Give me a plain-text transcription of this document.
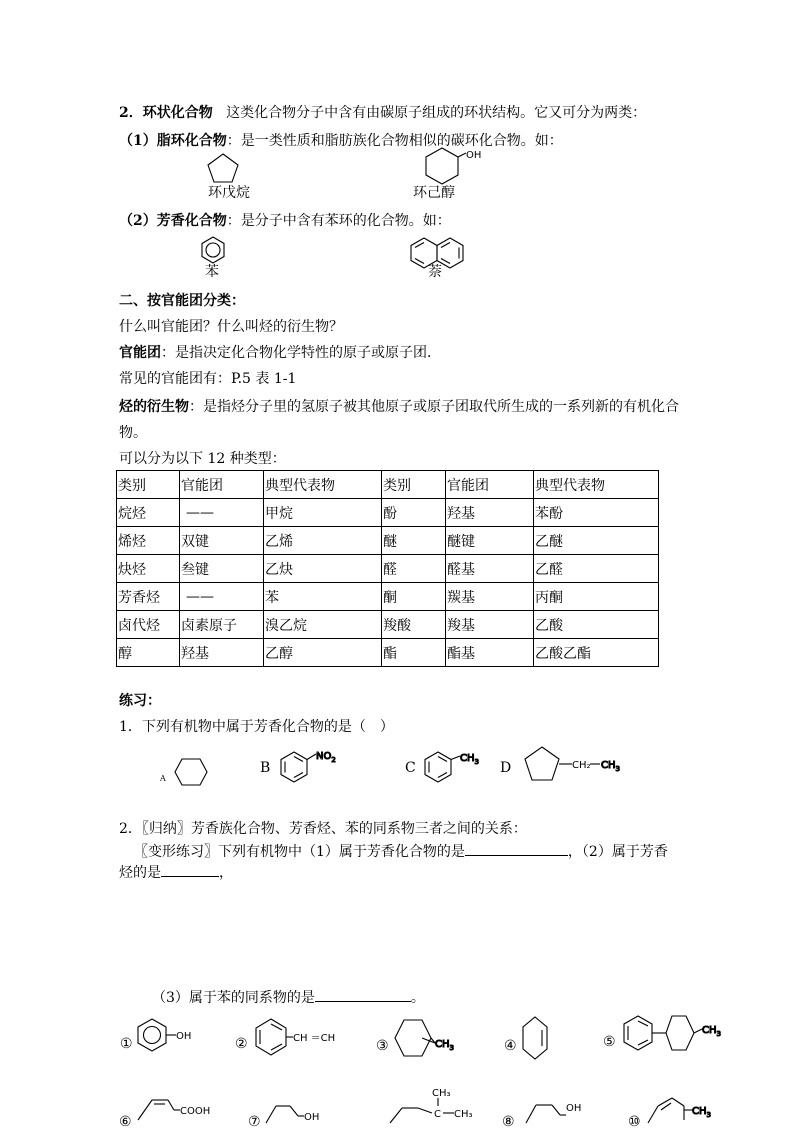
2．环状化合物 这类化合物分子中含有由碳原子组成的环状结构。它又可分为两类：
（1）脂环化合物：是一类性质和脂肪族化合物相似的碳环化合物。如：
环戊烷
OH
环己醇
（2）芳香化合物：是分子中含有苯环的化合物。如：
苯	萘
二、按官能团分类：
什么叫官能团？什么叫烃的衍生物？
官能团：是指决定化合物化学特性的原子或原子团．
常见的官能团有：P.5 表 1-1
烃的衍生物：是指烃分子里的氢原子被其他原子或原子团取代所生成的一系列新的有机化合
物。
可以分为以下 12 种类型：
类别	官能团	典型代表物	类别	官能团	典型代表物
烷烃	——	甲烷	酚	羟基	苯酚
烯烃	双键	乙烯	醚	醚键	乙醚
炔烃	叁键	乙炔	醛	醛基	乙醛
芳香烃	——	苯	酮	羰基	丙酮
卤代烃	卤素原子	溴乙烷	羧酸	羧基	乙酸
醇	羟基	乙醇	酯	酯基	乙酸乙酯
练习：
1．下列有机物中属于芳香化合物的是（　）
A
B
$NO_2$	C
$CH_3$ D	CH₂ $CH_3$
2．〖归纳〗芳香族化合物、芳香烃、苯的同系物三者之间的关系：
〖变形练习〗下列有机物中（1）属于芳香化合物的是	，（2）属于芳香
烃的是	，
（3）属于苯的同系物的是	。
①	OH	②	CH ＝CH	③	$CH_3$	④	⑤
$CH_3$
⑥
COOH
⑦	OH
CH₃
C CH₃ ⑧
OH
⑩
$CH_3$
